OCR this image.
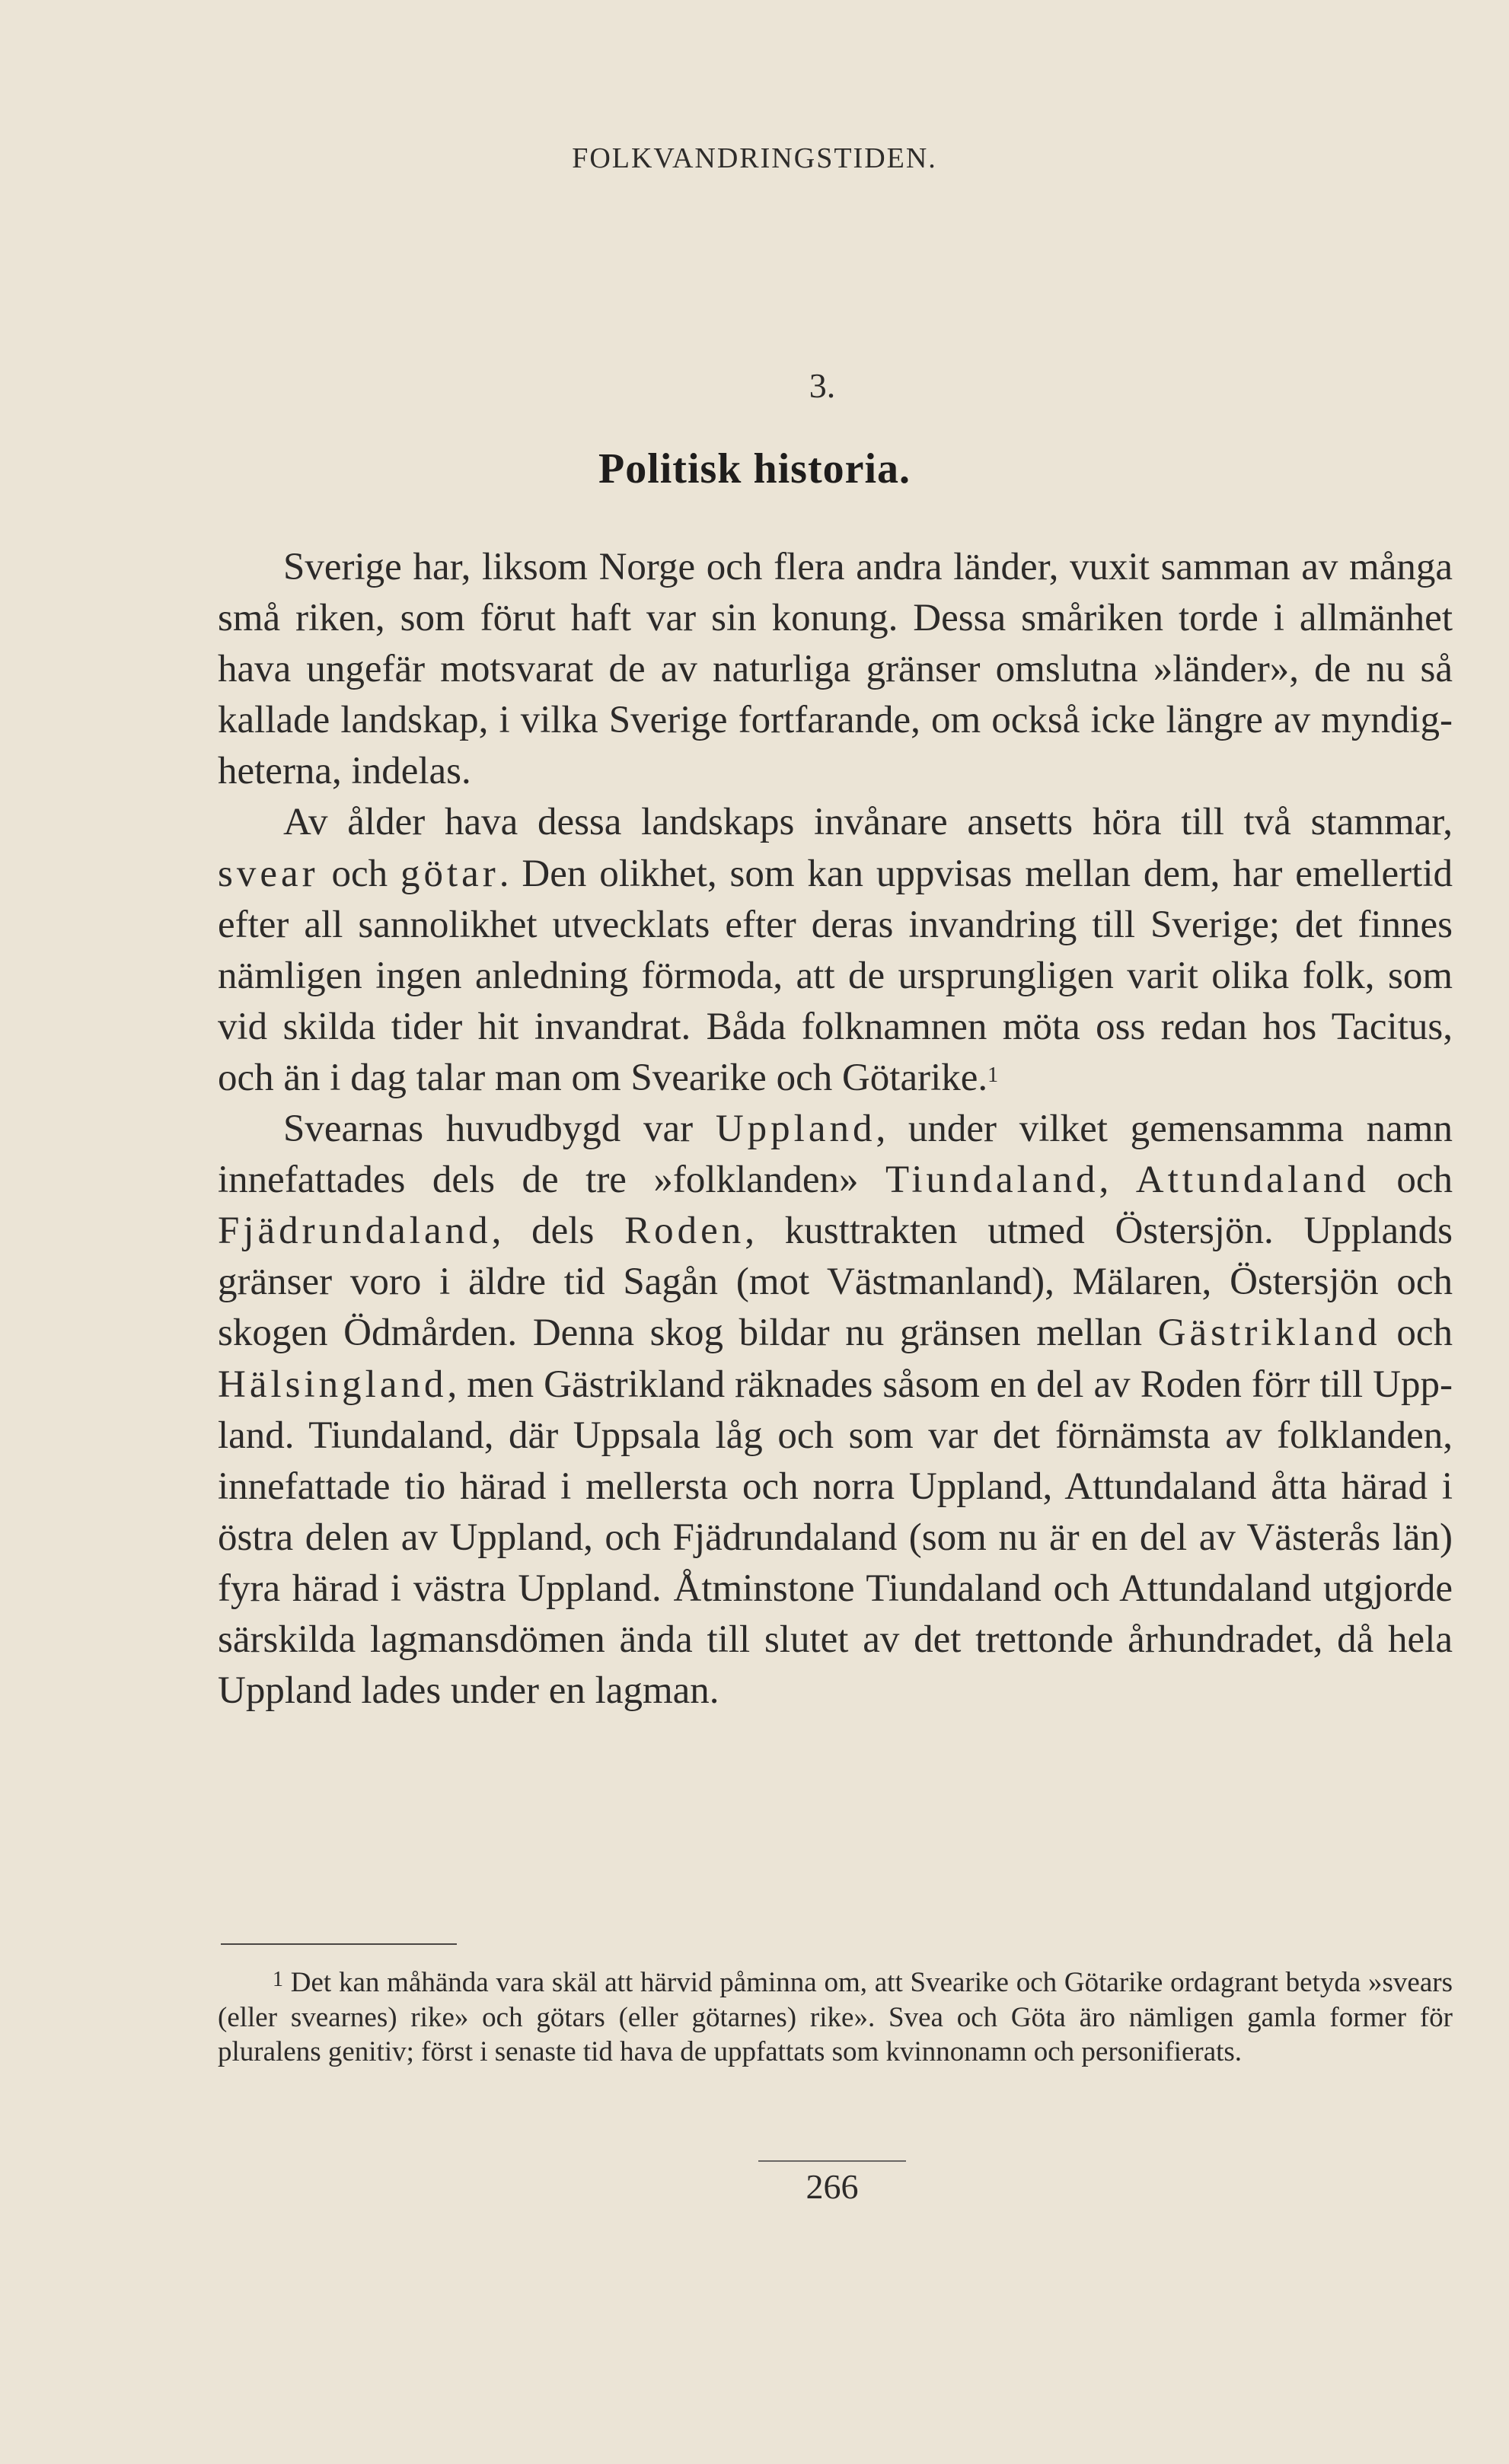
FOLKVANDRINGSTIDEN.
3.
Politisk historia.

Sverige har, liksom Norge och flera andra länder, vuxit samman av många små riken, som förut haft var sin konung. Dessa småriken torde i allmänhet hava ungefär motsvarat de av naturliga gränser omslutna »länder», de nu så kallade landskap, i vilka Sverige fortfarande, om också icke längre av myndigheterna, indelas.

Av ålder hava dessa landskaps invånare ansetts höra till två stammar, svear och götar. Den olikhet, som kan uppvisas mellan dem, har emellertid efter all sannolikhet utvecklats efter deras invandring till Sverige; det finnes nämligen ingen anledning förmoda, att de ursprungligen varit olika folk, som vid skilda tider hit invandrat. Båda folknamnen möta oss redan hos Tacitus, och än i dag talar man om Svearike och Götarike.$^1$

Svearnas huvudbygd var Uppland, under vilket gemensamma namn innefattades dels de tre »folklanden» Tiundaland, Attundaland och Fjädrundaland, dels Roden, kusttrakten utmed Östersjön. Upplands gränser voro i äldre tid Sagån (mot Västmanland), Mälaren, Östersjön och skogen Ödmården. Denna skog bildar nu gränsen mellan Gästrikland och Hälsingland, men Gästrikland räknades såsom en del av Roden förr till Uppland. Tiundaland, där Uppsala låg och som var det förnämsta av folklanden, innefattade tio härad i mellersta och norra Uppland, Attundaland åtta härad i östra delen av Uppland, och Fjädrundaland (som nu är en del av Västerås län) fyra härad i västra Uppland. Åtminstone Tiundaland och Attundaland utgjorde särskilda lagmansdömen ända till slutet av det trettonde århundradet, då hela Uppland lades under en lagman.

$^1$ Det kan måhända vara skäl att härvid påminna om, att Svearike och Götarike ordagrant betyda »svears (eller svearnes) rike» och götars (eller götarnes) rike». Svea och Göta äro nämligen gamla former för pluralens genitiv; först i senaste tid hava de uppfattats som kvinnonamn och personifierats.

266
